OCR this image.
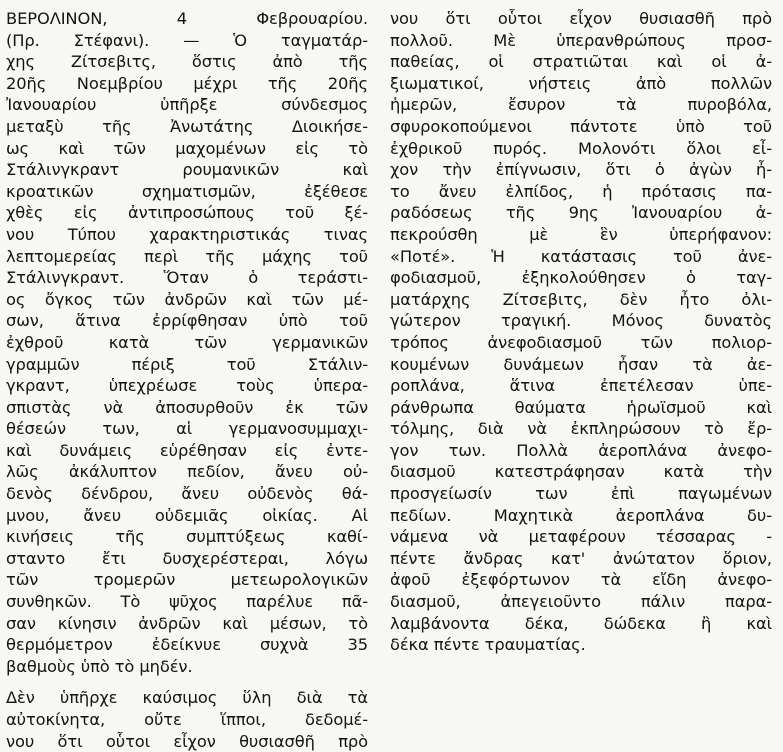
ΒΕΡΟΛΙΝΟΝ, 4 Φεβρουαρίου.
(Πρ. Στέφανι). — Ὁ ταγματάρ-
χης Ζίτσεβιτς, ὅστις ἀπὸ τῆς
20ῆς Νοεμβρίου μέχρι τῆς 20ῆς
Ἰανουαρίου ὑπῆρξε σύνδεσμος
μεταξὺ τῆς Ἀνωτάτης Διοικήσε-
ως καὶ τῶν μαχομένων εἰς τὸ
Στάλινγκραντ ρουμανικῶν καὶ
κροατικῶν σχηματισμῶν, ἐξέθεσε
χθὲς εἰς ἀντιπροσώπους τοῦ ξέ-
νου Τύπου χαρακτηριστικάς τινας
λεπτομερείας περὶ τῆς μάχης τοῦ
Στάλινγκραντ. Ὅταν ὁ τεράστι-
ος ὄγκος τῶν ἀνδρῶν καὶ τῶν μέ-
σων, ἅτινα ἐρρίφθησαν ὑπὸ τοῦ
ἐχθροῦ κατὰ τῶν γερμανικῶν
γραμμῶν πέριξ τοῦ Στάλιν-
γκραντ, ὑπεχρέωσε τοὺς ὑπερα-
σπιστὰς νὰ ἀποσυρθοῦν ἐκ τῶν
θέσεών των, αἱ γερμανοσυμμαχι-
καὶ δυνάμεις εὑρέθησαν εἰς ἐντε-
λῶς ἀκάλυπτον πεδίον, ἄνευ οὐ-
δενὸς δένδρου, ἄνευ οὐδενὸς θά-
μνου, ἄνευ οὐδεμιᾶς οἰκίας. Αἱ
κινήσεις τῆς συμπτύξεως καθί-
σταντο ἔτι δυσχερέστεραι, λόγω
τῶν τρομερῶν μετεωρολογικῶν
συνθηκῶν. Τὸ ψῦχος παρέλυε πᾶ-
σαν κίνησιν ἀνδρῶν καὶ μέσων, τὸ
θερμόμετρον ἐδείκνυε συχνὰ 35
βαθμοὺς ὑπὸ τὸ μηδέν.
Δὲν ὑπῆρχε καύσιμος ὕλη διὰ τὰ
αὐτοκίνητα, οὔτε ἵπποι, δεδομέ-
νου ὅτι οὗτοι εἶχον θυσιασθῆ πρὸ
νου ὅτι οὗτοι εἶχον θυσιασθῆ πρὸ
πολλοῦ. Μὲ ὑπερανθρώπους προσ-
παθείας, οἱ στρατιῶται καὶ οἱ ἀ-
ξιωματικοί, νήστεις ἀπὸ πολλῶν
ἡμερῶν, ἔσυρον τὰ πυροβόλα,
σφυροκοπούμενοι πάντοτε ὑπὸ τοῦ
ἐχθρικοῦ πυρός. Μολονότι ὅλοι εἶ-
χον τὴν ἐπίγνωσιν, ὅτι ὁ ἀγὼν ἦ-
το ἄνευ ἐλπίδος, ἡ πρότασις πα-
ραδόσεως τῆς 9ης Ἰανουαρίου ἀ-
πεκρούσθη μὲ ἓν ὑπερήφανον:
«Ποτέ». Ἡ κατάστασις τοῦ ἀνε-
φοδιασμοῦ, ἐξηκολούθησεν ὁ ταγ-
ματάρχης Ζίτσεβιτς, δὲν ἦτο ὀλι-
γώτερον τραγική. Μόνος δυνατὸς
τρόπος ἀνεφοδιασμοῦ τῶν πολιορ-
κουμένων δυνάμεων ἦσαν τὰ ἀε-
ροπλάνα, ἅτινα ἐπετέλεσαν ὑπε-
ράνθρωπα θαύματα ἡρωϊσμοῦ καὶ
τόλμης, διὰ νὰ ἐκπληρώσουν τὸ ἔρ-
γον των. Πολλὰ ἀεροπλάνα ἀνεφο-
διασμοῦ κατεστράφησαν κατὰ τὴν
προσγείωσίν των ἐπὶ παγωμένων
πεδίων. Μαχητικὰ ἀεροπλάνα δυ-
νάμενα νὰ μεταφέρουν τέσσαρας -
πέντε ἄνδρας κατ' ἀνώτατον ὅριον,
ἀφοῦ ἐξεφόρτωνον τὰ εἴδη ἀνεφο-
διασμοῦ, ἀπεγειοῦντο πάλιν παρα-
λαμβάνοντα δέκα, δώδεκα ἢ καὶ
δέκα πέντε τραυματίας.
